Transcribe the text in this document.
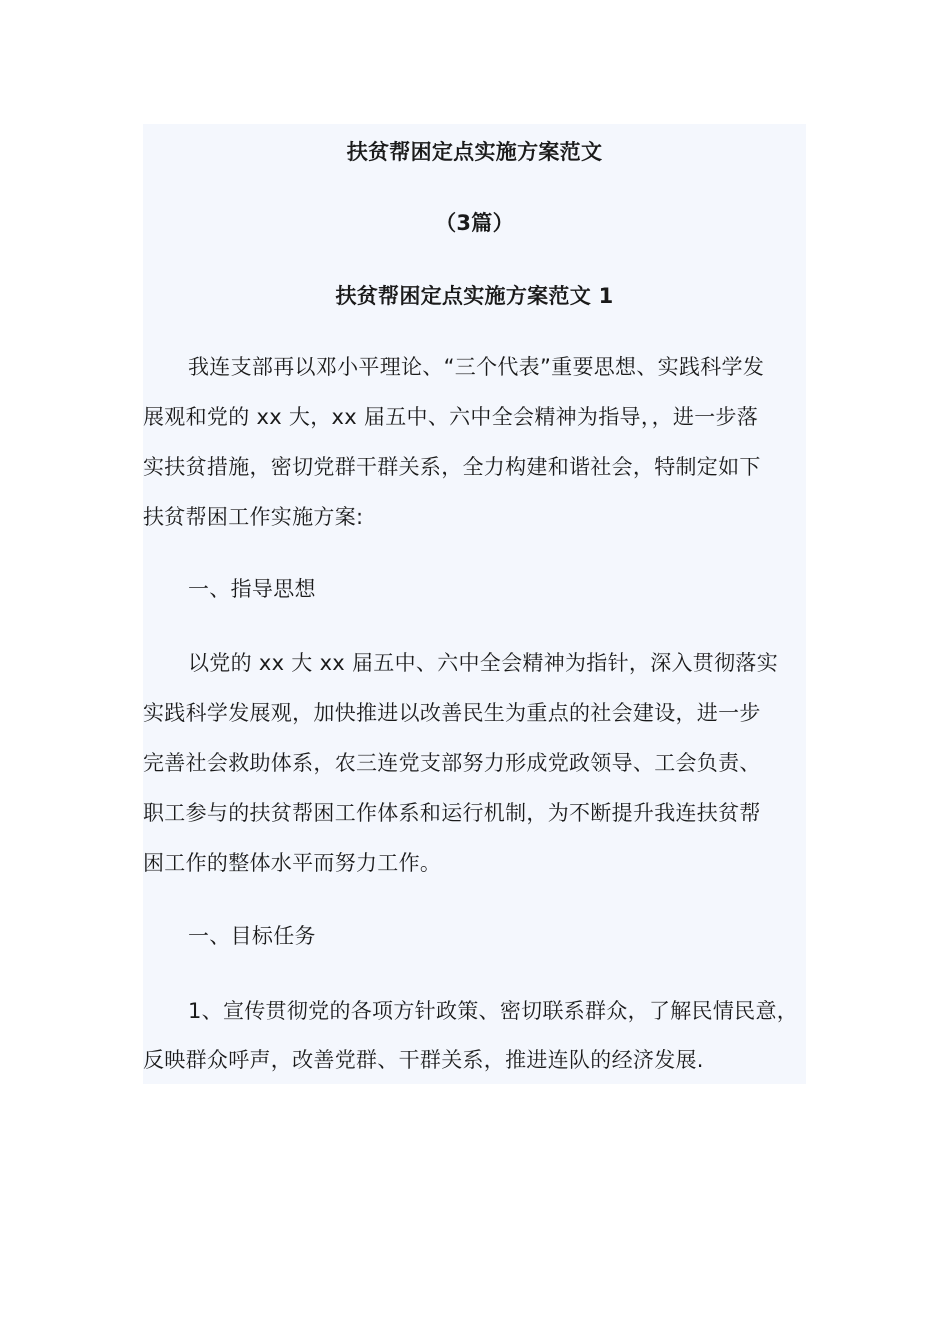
扶贫帮困定点实施方案范文
（3篇）
扶贫帮困定点实施方案范文 1
我连支部再以邓小平理论、“三个代表”重要思想、实践科学发
展观和党的 xx 大，xx 届五中、六中全会精神为指导，，进一步落
实扶贫措施，密切党群干群关系，全力构建和谐社会，特制定如下
扶贫帮困工作实施方案:
一、指导思想
以党的 xx 大 xx 届五中、六中全会精神为指针，深入贯彻落实
实践科学发展观，加快推进以改善民生为重点的社会建设，进一步
完善社会救助体系，农三连党支部努力形成党政领导、工会负责、
职工参与的扶贫帮困工作体系和运行机制，为不断提升我连扶贫帮
困工作的整体水平而努力工作。
一、目标任务
1、宣传贯彻党的各项方针政策、密切联系群众，了解民情民意，
反映群众呼声，改善党群、干群关系，推进连队的经济发展.
